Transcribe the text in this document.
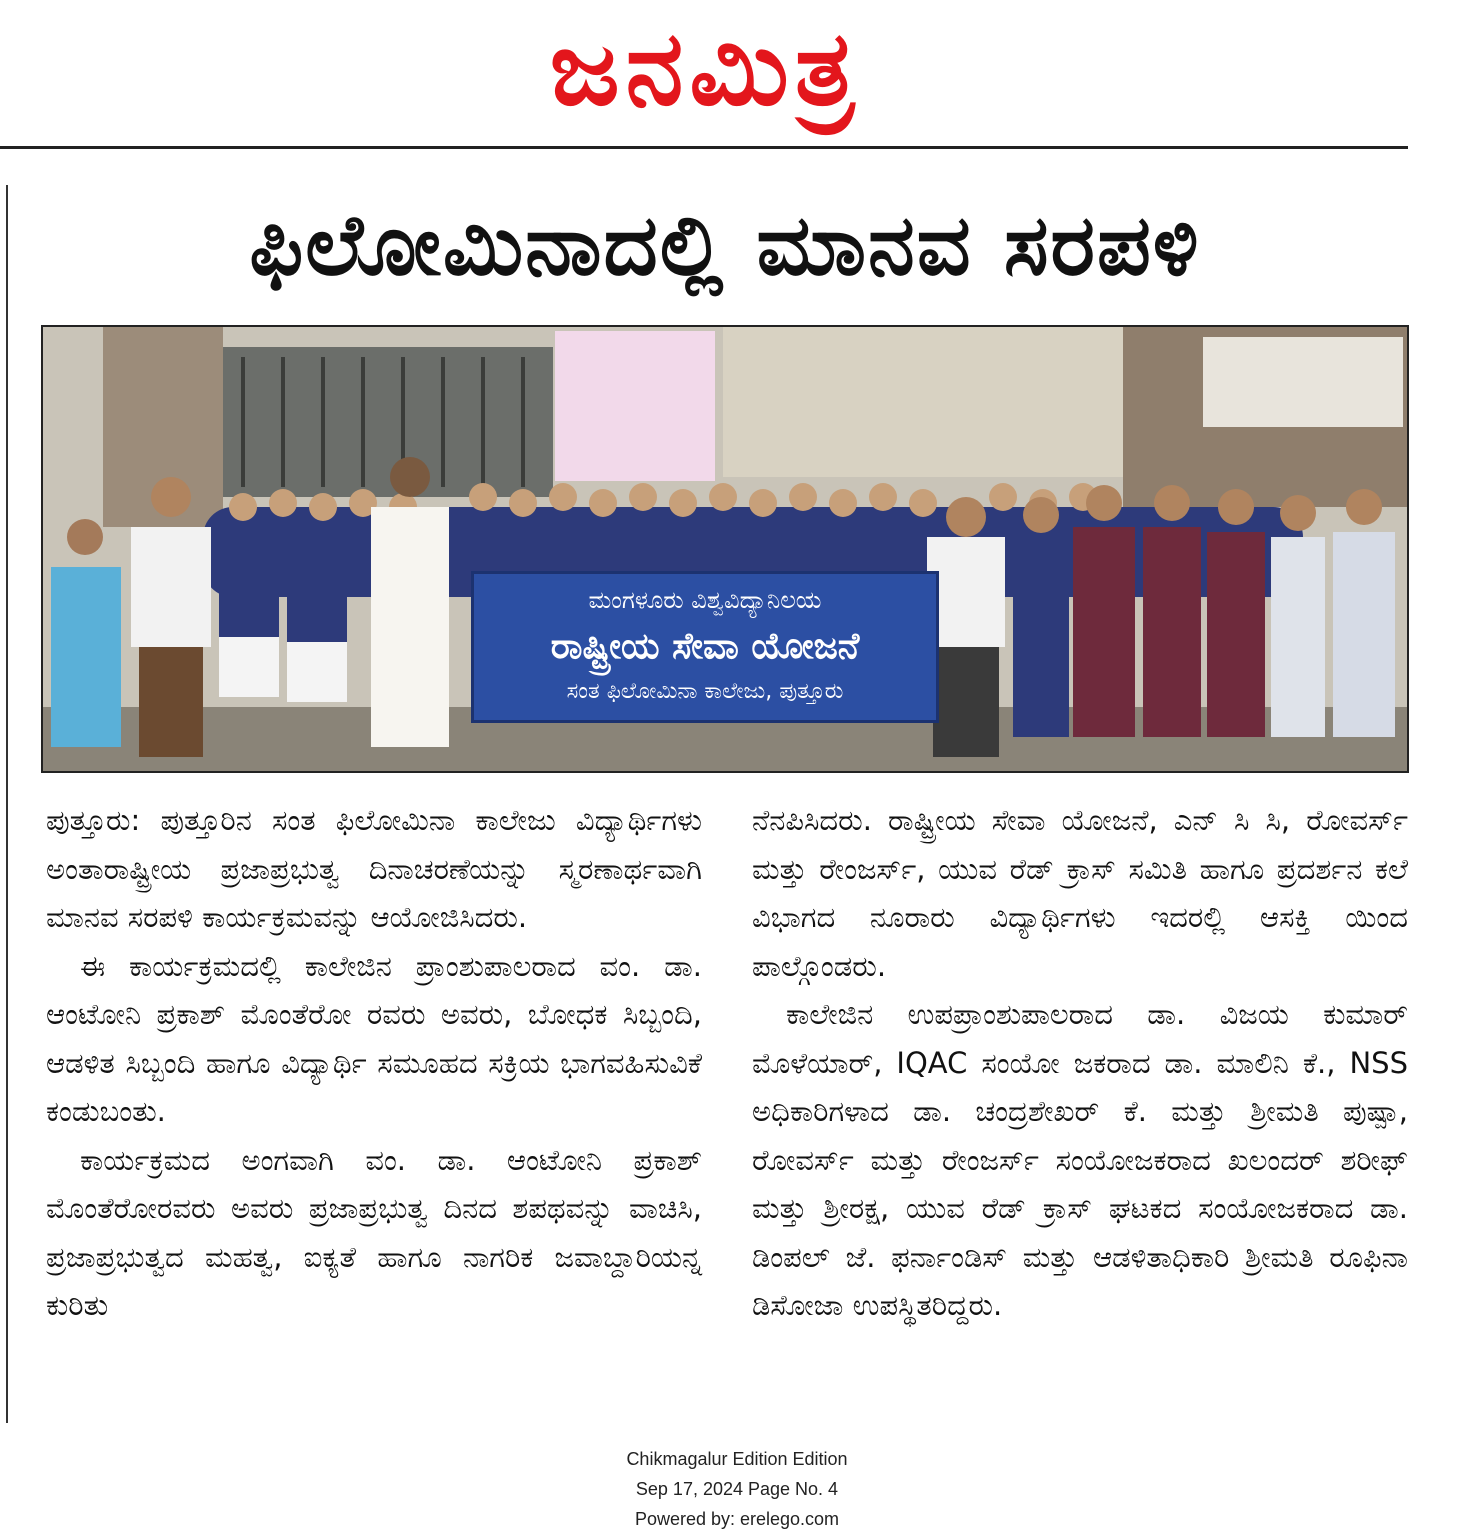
ಜನಮಿತ್ರ
ಫಿಲೋಮಿನಾದಲ್ಲಿ ಮಾನವ ಸರಪಳಿ
ಮಂಗಳೂರು ವಿಶ್ವವಿದ್ಯಾನಿಲಯ
ರಾಷ್ಟ್ರೀಯ ಸೇವಾ ಯೋಜನೆ
ಸಂತ ಫಿಲೋಮಿನಾ ಕಾಲೇಜು, ಪುತ್ತೂರು

ಪುತ್ತೂರು: ಪುತ್ತೂರಿನ ಸಂತ ಫಿಲೋಮಿನಾ ಕಾಲೇಜು ವಿದ್ಯಾರ್ಥಿಗಳು ಅಂತಾರಾಷ್ಟ್ರೀಯ ಪ್ರಜಾಪ್ರಭುತ್ವ ದಿನಾಚರಣೆಯನ್ನು ಸ್ಮರಣಾರ್ಥವಾಗಿ ಮಾನವ ಸರಪಳಿ ಕಾರ್ಯಕ್ರಮವನ್ನು ಆಯೋಜಿಸಿದರು.

ಈ ಕಾರ್ಯಕ್ರಮದಲ್ಲಿ ಕಾಲೇಜಿನ ಪ್ರಾಂಶುಪಾಲರಾದ ವಂ. ಡಾ. ಆಂಟೋನಿ ಪ್ರಕಾಶ್ ಮೊಂತೆರೋ ರವರು ಅವರು, ಬೋಧಕ ಸಿಬ್ಬಂದಿ, ಆಡಳಿತ ಸಿಬ್ಬಂದಿ ಹಾಗೂ ವಿದ್ಯಾರ್ಥಿ ಸಮೂಹದ ಸಕ್ರಿಯ ಭಾಗವಹಿಸುವಿಕೆ ಕಂಡುಬಂತು.

ಕಾರ್ಯಕ್ರಮದ ಅಂಗವಾಗಿ ವಂ. ಡಾ. ಆಂಟೋನಿ ಪ್ರಕಾಶ್ ಮೊಂತೆರೋರವರು ಅವರು ಪ್ರಜಾಪ್ರಭುತ್ವ ದಿನದ ಶಪಥವನ್ನು ವಾಚಿಸಿ, ಪ್ರಜಾಪ್ರಭುತ್ವದ ಮಹತ್ವ, ಐಕ್ಯತೆ ಹಾಗೂ ನಾಗರಿಕ ಜವಾಬ್ದಾರಿಯನ್ನ ಕುರಿತು

ನೆನಪಿಸಿದರು. ರಾಷ್ಟ್ರೀಯ ಸೇವಾ ಯೋಜನೆ, ಎನ್ ಸಿ ಸಿ, ರೋವರ್ಸ್ ಮತ್ತು ರೇಂಜರ್ಸ್, ಯುವ ರೆಡ್ ಕ್ರಾಸ್ ಸಮಿತಿ ಹಾಗೂ ಪ್ರದರ್ಶನ ಕಲೆ ವಿಭಾಗದ ನೂರಾರು ವಿದ್ಯಾರ್ಥಿಗಳು ಇದರಲ್ಲಿ ಆಸಕ್ತಿ ಯಿಂದ ಪಾಲ್ಗೊಂಡರು.

ಕಾಲೇಜಿನ ಉಪಪ್ರಾಂಶುಪಾಲರಾದ ಡಾ. ವಿಜಯ ಕುಮಾರ್ ಮೊಳೆಯಾರ್, IQAC ಸಂಯೋ ಜಕರಾದ ಡಾ. ಮಾಲಿನಿ ಕೆ., NSS ಅಧಿಕಾರಿಗಳಾದ ಡಾ. ಚಂದ್ರಶೇಖರ್ ಕೆ. ಮತ್ತು ಶ್ರೀಮತಿ ಪುಷ್ಪಾ, ರೋವರ್ಸ್ ಮತ್ತು ರೇಂಜರ್ಸ್ ಸಂಯೋಜಕರಾದ ಖಲಂದರ್ ಶರೀಫ್ ಮತ್ತು ಶ್ರೀರಕ್ಷ, ಯುವ ರೆಡ್ ಕ್ರಾಸ್ ಘಟಕದ ಸಂಯೋಜಕರಾದ ಡಾ. ಡಿಂಪಲ್ ಜೆ. ಫರ್ನಾಂಡಿಸ್ ಮತ್ತು ಆಡಳಿತಾಧಿಕಾರಿ ಶ್ರೀಮತಿ ರೂಫಿನಾ ಡಿಸೋಜಾ ಉಪಸ್ಥಿತರಿದ್ದರು.

Chikmagalur Edition Edition
Sep 17, 2024 Page No. 4
Powered by: erelego.com
